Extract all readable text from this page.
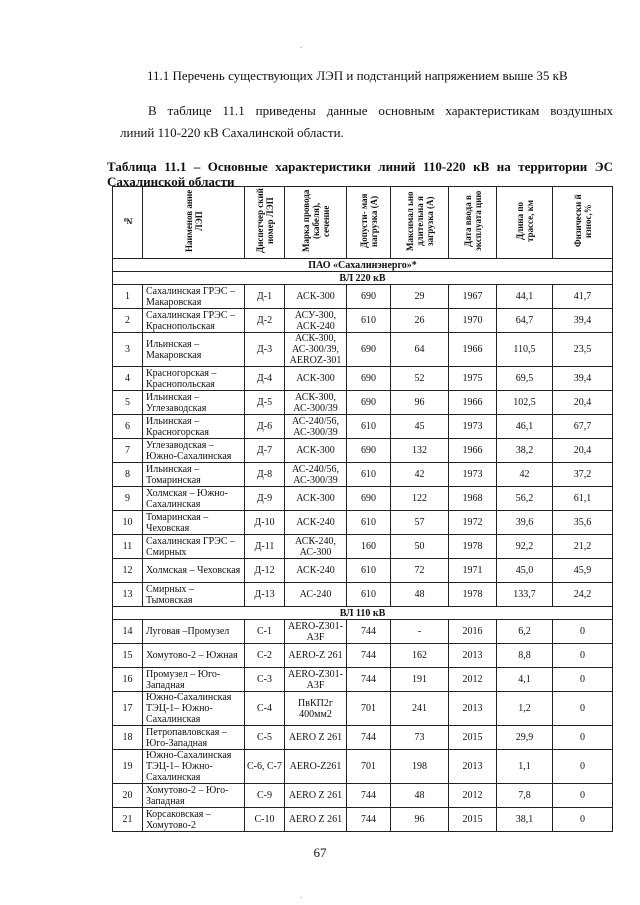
.
11.1 Перечень существующих ЛЭП и подстанций напряжением выше 35 кВ
В таблице 11.1 приведены данные основным характеристикам воздушных
линий 110-220 кВ Сахалинской области.
Таблица 11.1 – Основные характеристики линий 110-220 кВ на территории ЭС
Сахалинской области
№	Наименов ание ЛЭП	Диспетчер ский номер ЛЭП	Марка провода (кабеля), сечение	Допусти- мая нагрузка (А)	Максимал ьно длительна я загрузка (А)	Дата ввода в эксплуата цию	Длина по трассе, км	Физически й износ,%
ПАО «Сахалинэнерго»*								
ВЛ 220 кВ								
1	Сахалинская ГРЭС – Макаровская	Д-1	АСК-300	690	29	1967	44,1	41,7
2	Сахалинская ГРЭС – Краснопольская	Д-2	АСУ-300, АСК-240	610	26	1970	64,7	39,4
3	Ильинская – Макаровская	Д-3	АСК-300, АС-300/39, AEROZ-301	690	64	1966	110,5	23,5
4	Красногорская – Краснопольская	Д-4	АСК-300	690	52	1975	69,5	39,4
5	Ильинская – Углезаводская	Д-5	АСК-300, АС-300/39	690	96	1966	102,5	20,4
6	Ильинская – Красногорская	Д-6	АС-240/56, АС-300/39	610	45	1973	46,1	67,7
7	Углезаводская – Южно-Сахалинская	Д-7	АСК-300	690	132	1966	38,2	20,4
8	Ильинская – Томаринская	Д-8	АС-240/56, АС-300/39	610	42	1973	42	37,2
9	Холмская – Южно-Сахалинская	Д-9	АСК-300	690	122	1968	56,2	61,1
10	Томаринская – Чеховская	Д-10	АСК-240	610	57	1972	39,6	35,6
11	Сахалинская ГРЭС – Смирных	Д-11	АСК-240, АС-300	160	50	1978	92,2	21,2
12	Холмская – Чеховская	Д-12	АСК-240	610	72	1971	45,0	45,9
13	Смирных – Тымовская	Д-13	АС-240	610	48	1978	133,7	24,2
ВЛ 110 кВ								
14	Луговая –Промузел	С-1	AERO-Z301-A3F	744	-	2016	6,2	0
15	Хомутово-2 – Южная	С-2	AERO-Z 261	744	162	2013	8,8	0
16	Промузел – Юго-Западная	С-3	AERO-Z301-A3F	744	191	2012	4,1	0
17	Южно-Сахалинская ТЭЦ-1– Южно-Сахалинская	С-4	ПвКП2г 400мм2	701	241	2013	1,2	0
18	Петропавловская – Юго-Западная	С-5	AERO Z 261	744	73	2015	29,9	0
19	Южно-Сахалинская ТЭЦ-1– Южно-Сахалинская	С-6, С-7	AERO-Z261	701	198	2013	1,1	0
20	Хомутово-2 – Юго-Западная	С-9	AERO Z 261	744	48	2012	7,8	0
21	Корсаковская – Хомутово-2	С-10	AERO Z 261	744	96	2015	38,1	0
67
.
